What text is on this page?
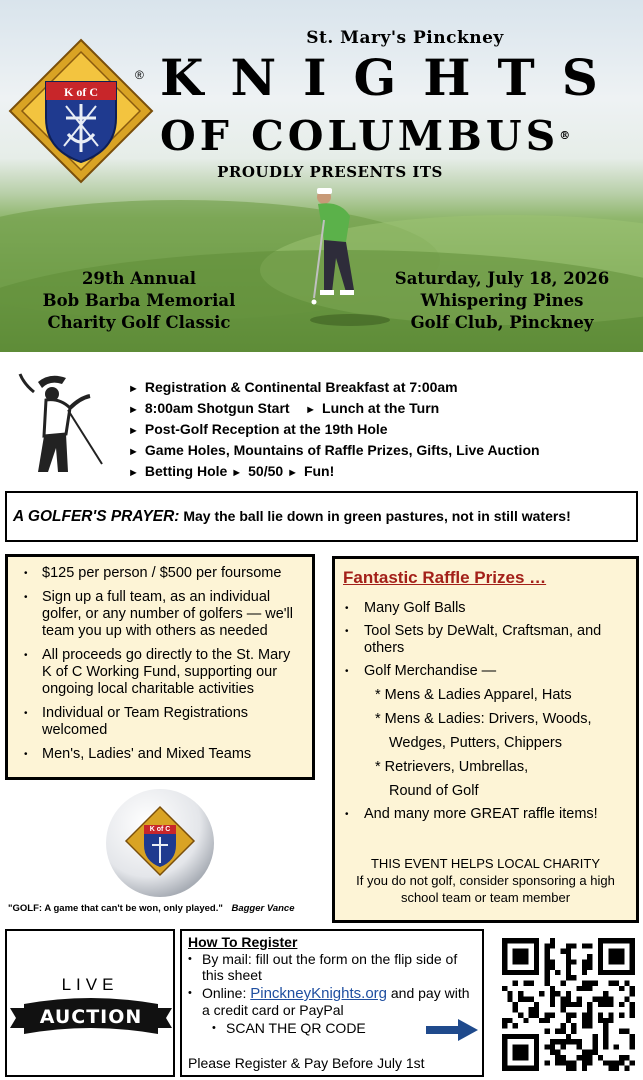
K of C
®
St. Mary's Pinckney
KNIGHTS
OF COLUMBUS®
PROUDLY PRESENTS ITS
29th Annual
Bob Barba Memorial
Charity Golf Classic
Saturday, July 18, 2026
Whispering Pines
Golf Club, Pinckney
► Registration & Continental Breakfast at 7:00am
► 8:00am Shotgun Start ► Lunch at the Turn
► Post-Golf Reception at the 19th Hole
► Game Holes, Mountains of Raffle Prizes, Gifts, Live Auction
► Betting Hole ► 50/50 ► Fun!
A GOLFER'S PRAYER: May the ball lie down in green pastures, not in still waters!
• $125 per person / $500 per foursome
• Sign up a full team, as an individual golfer, or any number of golfers — we'll team you up with others as needed
• All proceeds go directly to the St. Mary K of C Working Fund, supporting our ongoing local charitable activities
• Individual or Team Registrations welcomed
• Men's, Ladies' and Mixed Teams
Fantastic Raffle Prizes …
• Many Golf Balls
• Tool Sets by DeWalt, Craftsman, and others
• Golf Merchandise —
* Mens & Ladies Apparel, Hats
* Mens & Ladies: Drivers, Woods,
Wedges, Putters, Chippers
* Retrievers, Umbrellas,
Round of Golf
• And many more GREAT raffle items!
THIS EVENT HELPS LOCAL CHARITY
If you do not golf, consider sponsoring a high school team or team member
K of C
"GOLF: A game that can't be won, only played." Bagger Vance
LIVE
AUCTION
How To Register
• By mail: fill out the form on the flip side of this sheet
• Online: PinckneyKnights.org and pay with a credit card or PayPal
• SCAN THE QR CODE
Please Register & Pay Before July 1st
